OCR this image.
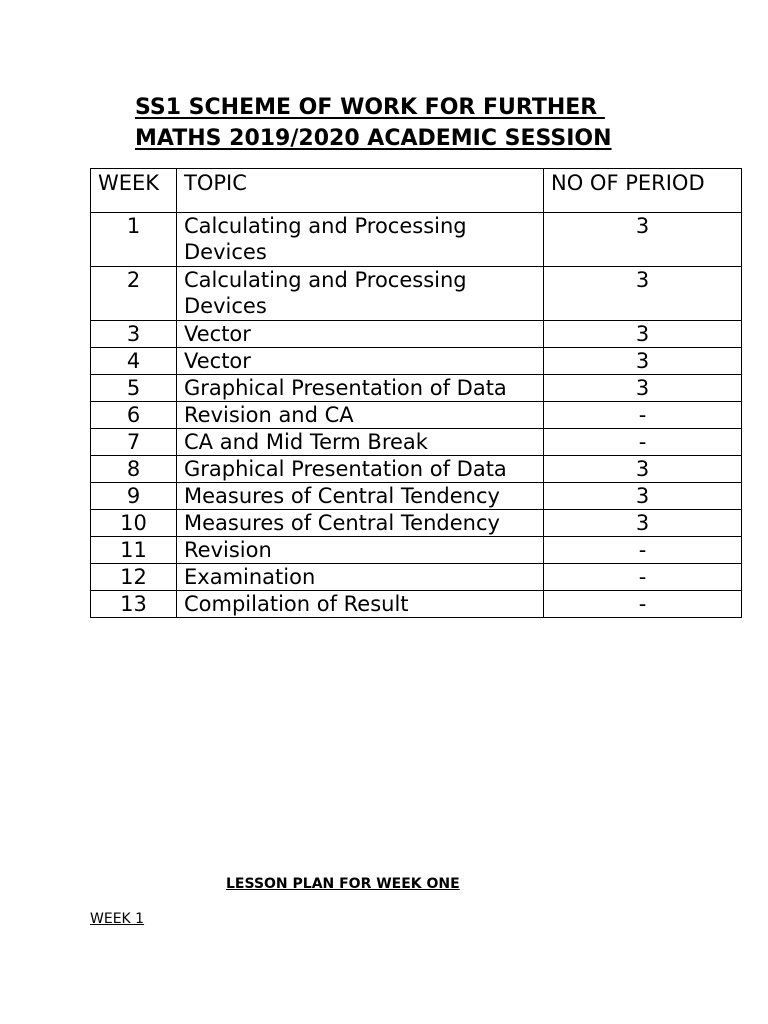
SS1 SCHEME OF WORK FOR FURTHER
MATHS 2019/2020 ACADEMIC SESSION
WEEK	TOPIC	NO OF PERIOD
1	Calculating and Processing Devices	3
2	Calculating and Processing Devices	3
3	Vector	3
4	Vector	3
5	Graphical Presentation of Data	3
6	Revision and CA	-
7	CA and Mid Term Break	-
8	Graphical Presentation of Data	3
9	Measures of Central Tendency	3
10	Measures of Central Tendency	3
11	Revision	-
12	Examination	-
13	Compilation of Result	-

LESSON PLAN FOR WEEK ONE

WEEK 1
